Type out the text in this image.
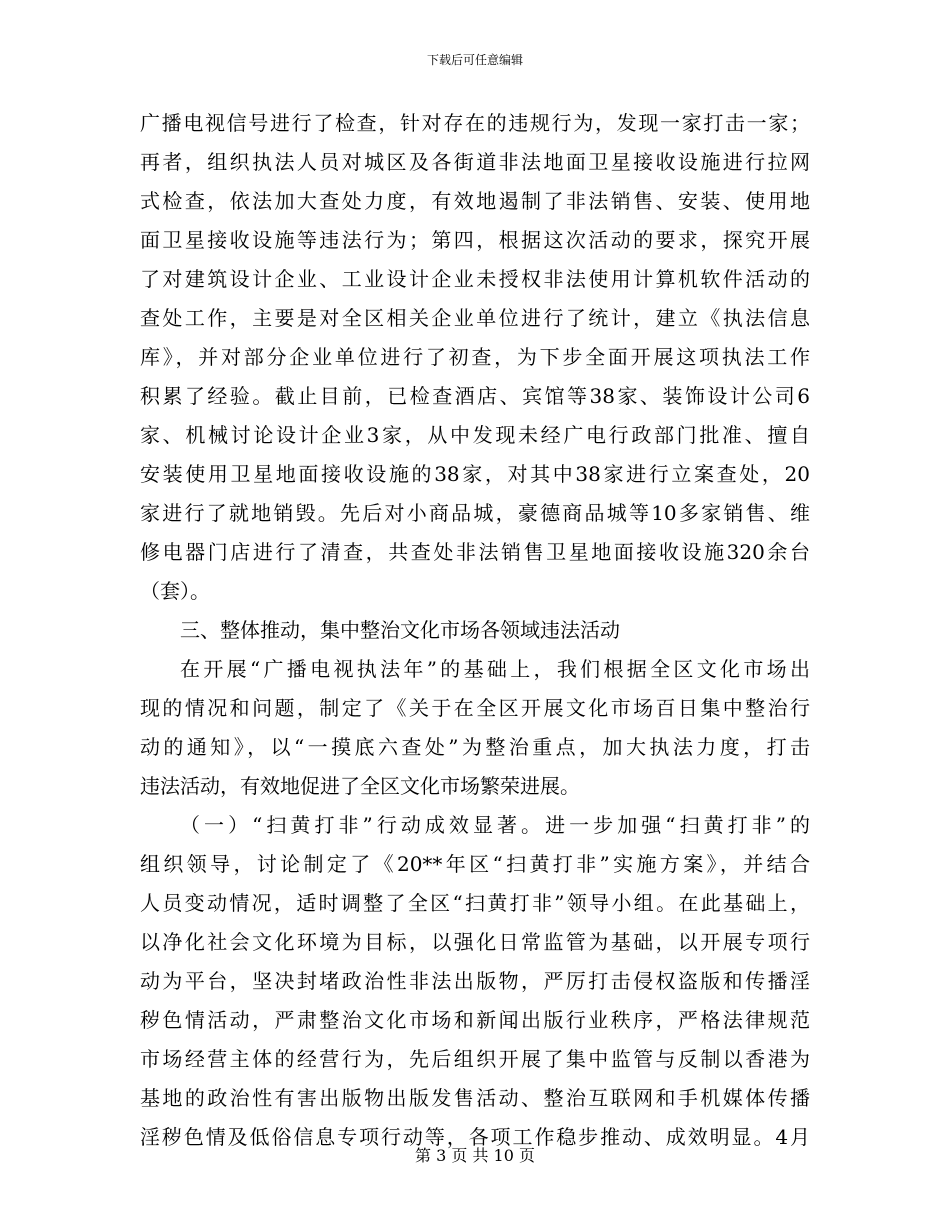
下载后可任意编辑
广播电视信号进行了检查，针对存在的违规行为，发现一家打击一家；
再者，组织执法人员对城区及各街道非法地面卫星接收设施进行拉网
式检查，依法加大查处力度，有效地遏制了非法销售、安装、使用地
面卫星接收设施等违法行为；第四，根据这次活动的要求，探究开展
了对建筑设计企业、工业设计企业未授权非法使用计算机软件活动的
查处工作，主要是对全区相关企业单位进行了统计，建立《执法信息
库》，并对部分企业单位进行了初查，为下步全面开展这项执法工作
积累了经验。截止目前，已检查酒店、宾馆等38家、装饰设计公司6
家、机械讨论设计企业3家，从中发现未经广电行政部门批准、擅自
安装使用卫星地面接收设施的38家，对其中38家进行立案查处，20
家进行了就地销毁。先后对小商品城，豪德商品城等10多家销售、维
修电器门店进行了清查，共查处非法销售卫星地面接收设施320余台
（套）。
三、整体推动，集中整治文化市场各领域违法活动
在开展“广播电视执法年”的基础上，我们根据全区文化市场出
现的情况和问题，制定了《关于在全区开展文化市场百日集中整治行
动的通知》，以“一摸底六查处”为整治重点，加大执法力度，打击
违法活动，有效地促进了全区文化市场繁荣进展。
（一）“扫黄打非”行动成效显著。进一步加强“扫黄打非”的
组织领导，讨论制定了《20**年区“扫黄打非”实施方案》，并结合
人员变动情况，适时调整了全区“扫黄打非”领导小组。在此基础上，
以净化社会文化环境为目标，以强化日常监管为基础，以开展专项行
动为平台，坚决封堵政治性非法出版物，严厉打击侵权盗版和传播淫
秽色情活动，严肃整治文化市场和新闻出版行业秩序，严格法律规范
市场经营主体的经营行为，先后组织开展了集中监管与反制以香港为
基地的政治性有害出版物出版发售活动、整治互联网和手机媒体传播
淫秽色情及低俗信息专项行动等，各项工作稳步推动、成效明显。4月
第 3 页 共 10 页
